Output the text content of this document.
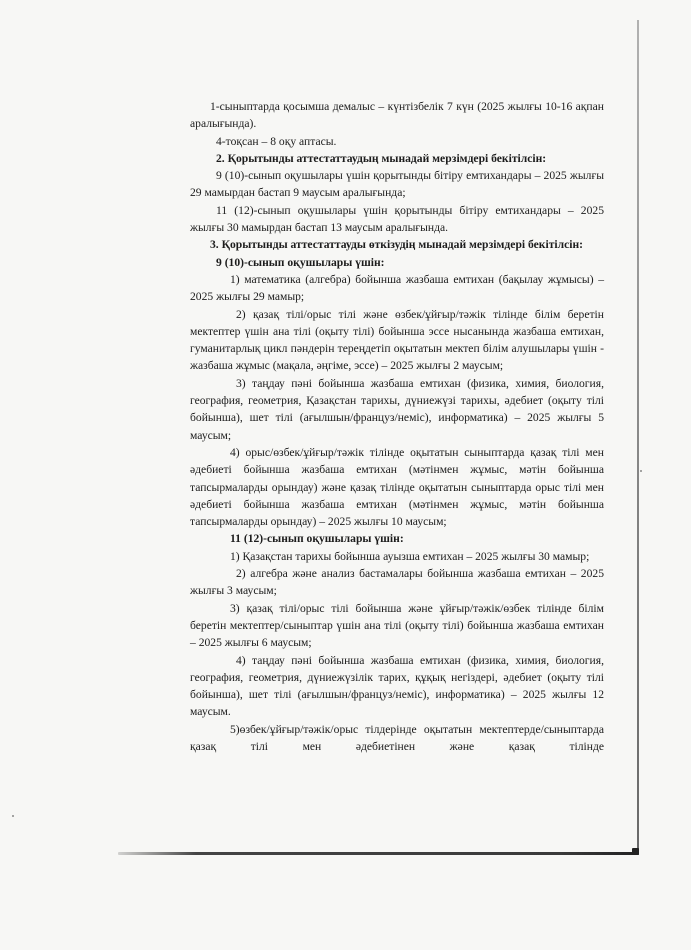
1-сыныптарда қосымша демалыс – күнтізбелік 7 күн (2025 жылғы 10-16 ақпан аралығында).

4-тоқсан – 8 оқу аптасы.

2. Қорытынды аттестаттаудың мынадай мерзімдері бекітілсін:

9 (10)-сынып оқушылары үшін қорытынды бітіру емтихандары – 2025 жылғы 29 мамырдан бастап 9 маусым аралығында;

11 (12)-сынып оқушылары үшін қорытынды бітіру емтихандары – 2025 жылғы 30 мамырдан бастап 13 маусым аралығында.

3. Қорытынды аттестаттауды өткізудің мынадай мерзімдері бекітілсін:

9 (10)-сынып оқушылары үшін:

1) математика (алгебра) бойынша жазбаша емтихан (бақылау жұмысы) – 2025 жылғы 29 мамыр;

2) қазақ тілі/орыс тілі және өзбек/ұйғыр/тәжік тілінде білім беретін мектептер үшін ана тілі (оқыту тілі) бойынша эссе нысанында жазбаша емтихан, гуманитарлық цикл пәндерін тереңдетіп оқытатын мектеп білім алушылары үшін - жазбаша жұмыс (мақала, әңгіме, эссе) – 2025 жылғы 2 маусым;

3) таңдау пәні бойынша жазбаша емтихан (физика, химия, биология, география, геометрия, Қазақстан тарихы, дүниежүзі тарихы, әдебиет (оқыту тілі бойынша), шет тілі (ағылшын/француз/неміс), информатика) – 2025 жылғы 5 маусым;

4) орыс/өзбек/ұйғыр/тәжік тілінде оқытатын сыныптарда қазақ тілі мен әдебиеті бойынша жазбаша емтихан (мәтінмен жұмыс, мәтін бойынша тапсырмаларды орындау) және қазақ тілінде оқытатын сыныптарда орыс тілі мен әдебиеті бойынша жазбаша емтихан (мәтінмен жұмыс, мәтін бойынша тапсырмаларды орындау) – 2025 жылғы 10 маусым;

11 (12)-сынып оқушылары үшін:

1) Қазақстан тарихы бойынша ауызша емтихан – 2025 жылғы 30 мамыр;

2) алгебра және анализ бастамалары бойынша жазбаша емтихан – 2025 жылғы 3 маусым;

3) қазақ тілі/орыс тілі бойынша және ұйғыр/тәжік/өзбек тілінде білім беретін мектептер/сыныптар үшін ана тілі (оқыту тілі) бойынша жазбаша емтихан – 2025 жылғы 6 маусым;

4) таңдау пәні бойынша жазбаша емтихан (физика, химия, биология, география, геометрия, дүниежүзілік тарих, құқық негіздері, әдебиет (оқыту тілі бойынша), шет тілі (ағылшын/француз/неміс), информатика) – 2025 жылғы 12 маусым.

5)өзбек/ұйғыр/тәжік/орыс тілдерінде оқытатын мектептерде/сыныптарда қазақ тілі мен әдебиетінен және қазақ тілінде
